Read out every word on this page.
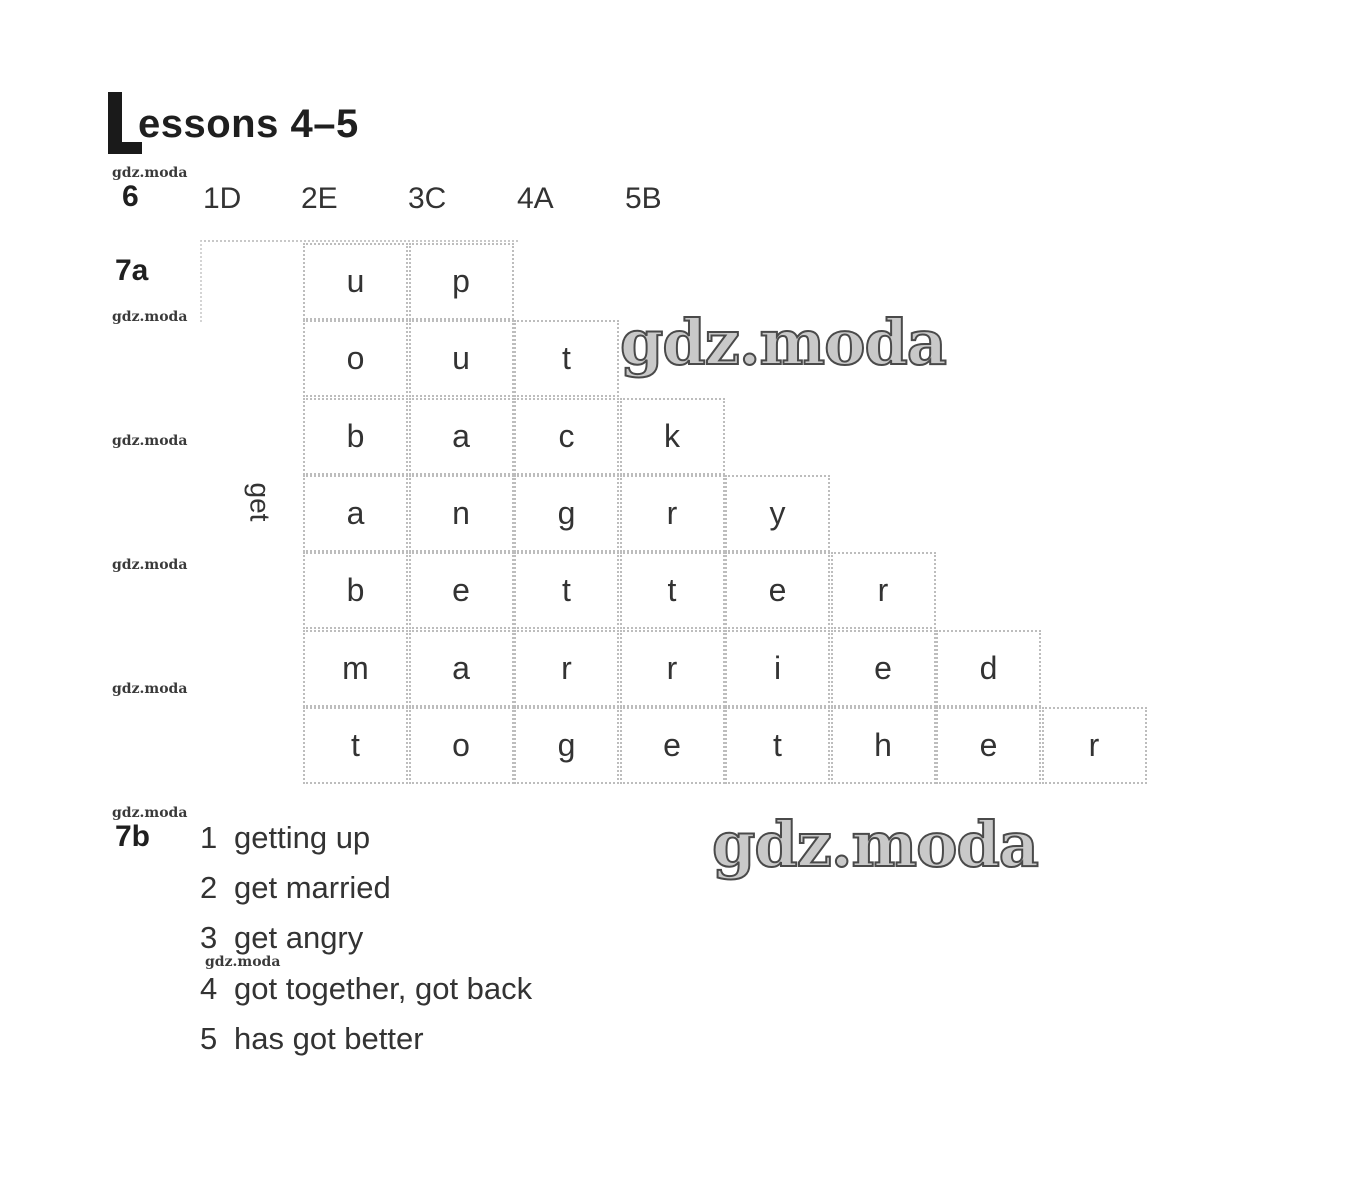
essons 4–5
gdz.moda
gdz.moda
gdz.moda
gdz.moda
gdz.moda
gdz.moda
gdz.moda
6 1D 2E 3C 4A 5B
7a
get
u	p
o	u	t
b	a	c	k
a	n	g	r	y
b	e	t	t	e	r
m	a	r	r	i	e	d
t	o	g	e	t	h	e	r
gdz.moda
gdz.moda
7b 1 getting up
2 get married
3 get angry
4 got together, got back
5 has got better
